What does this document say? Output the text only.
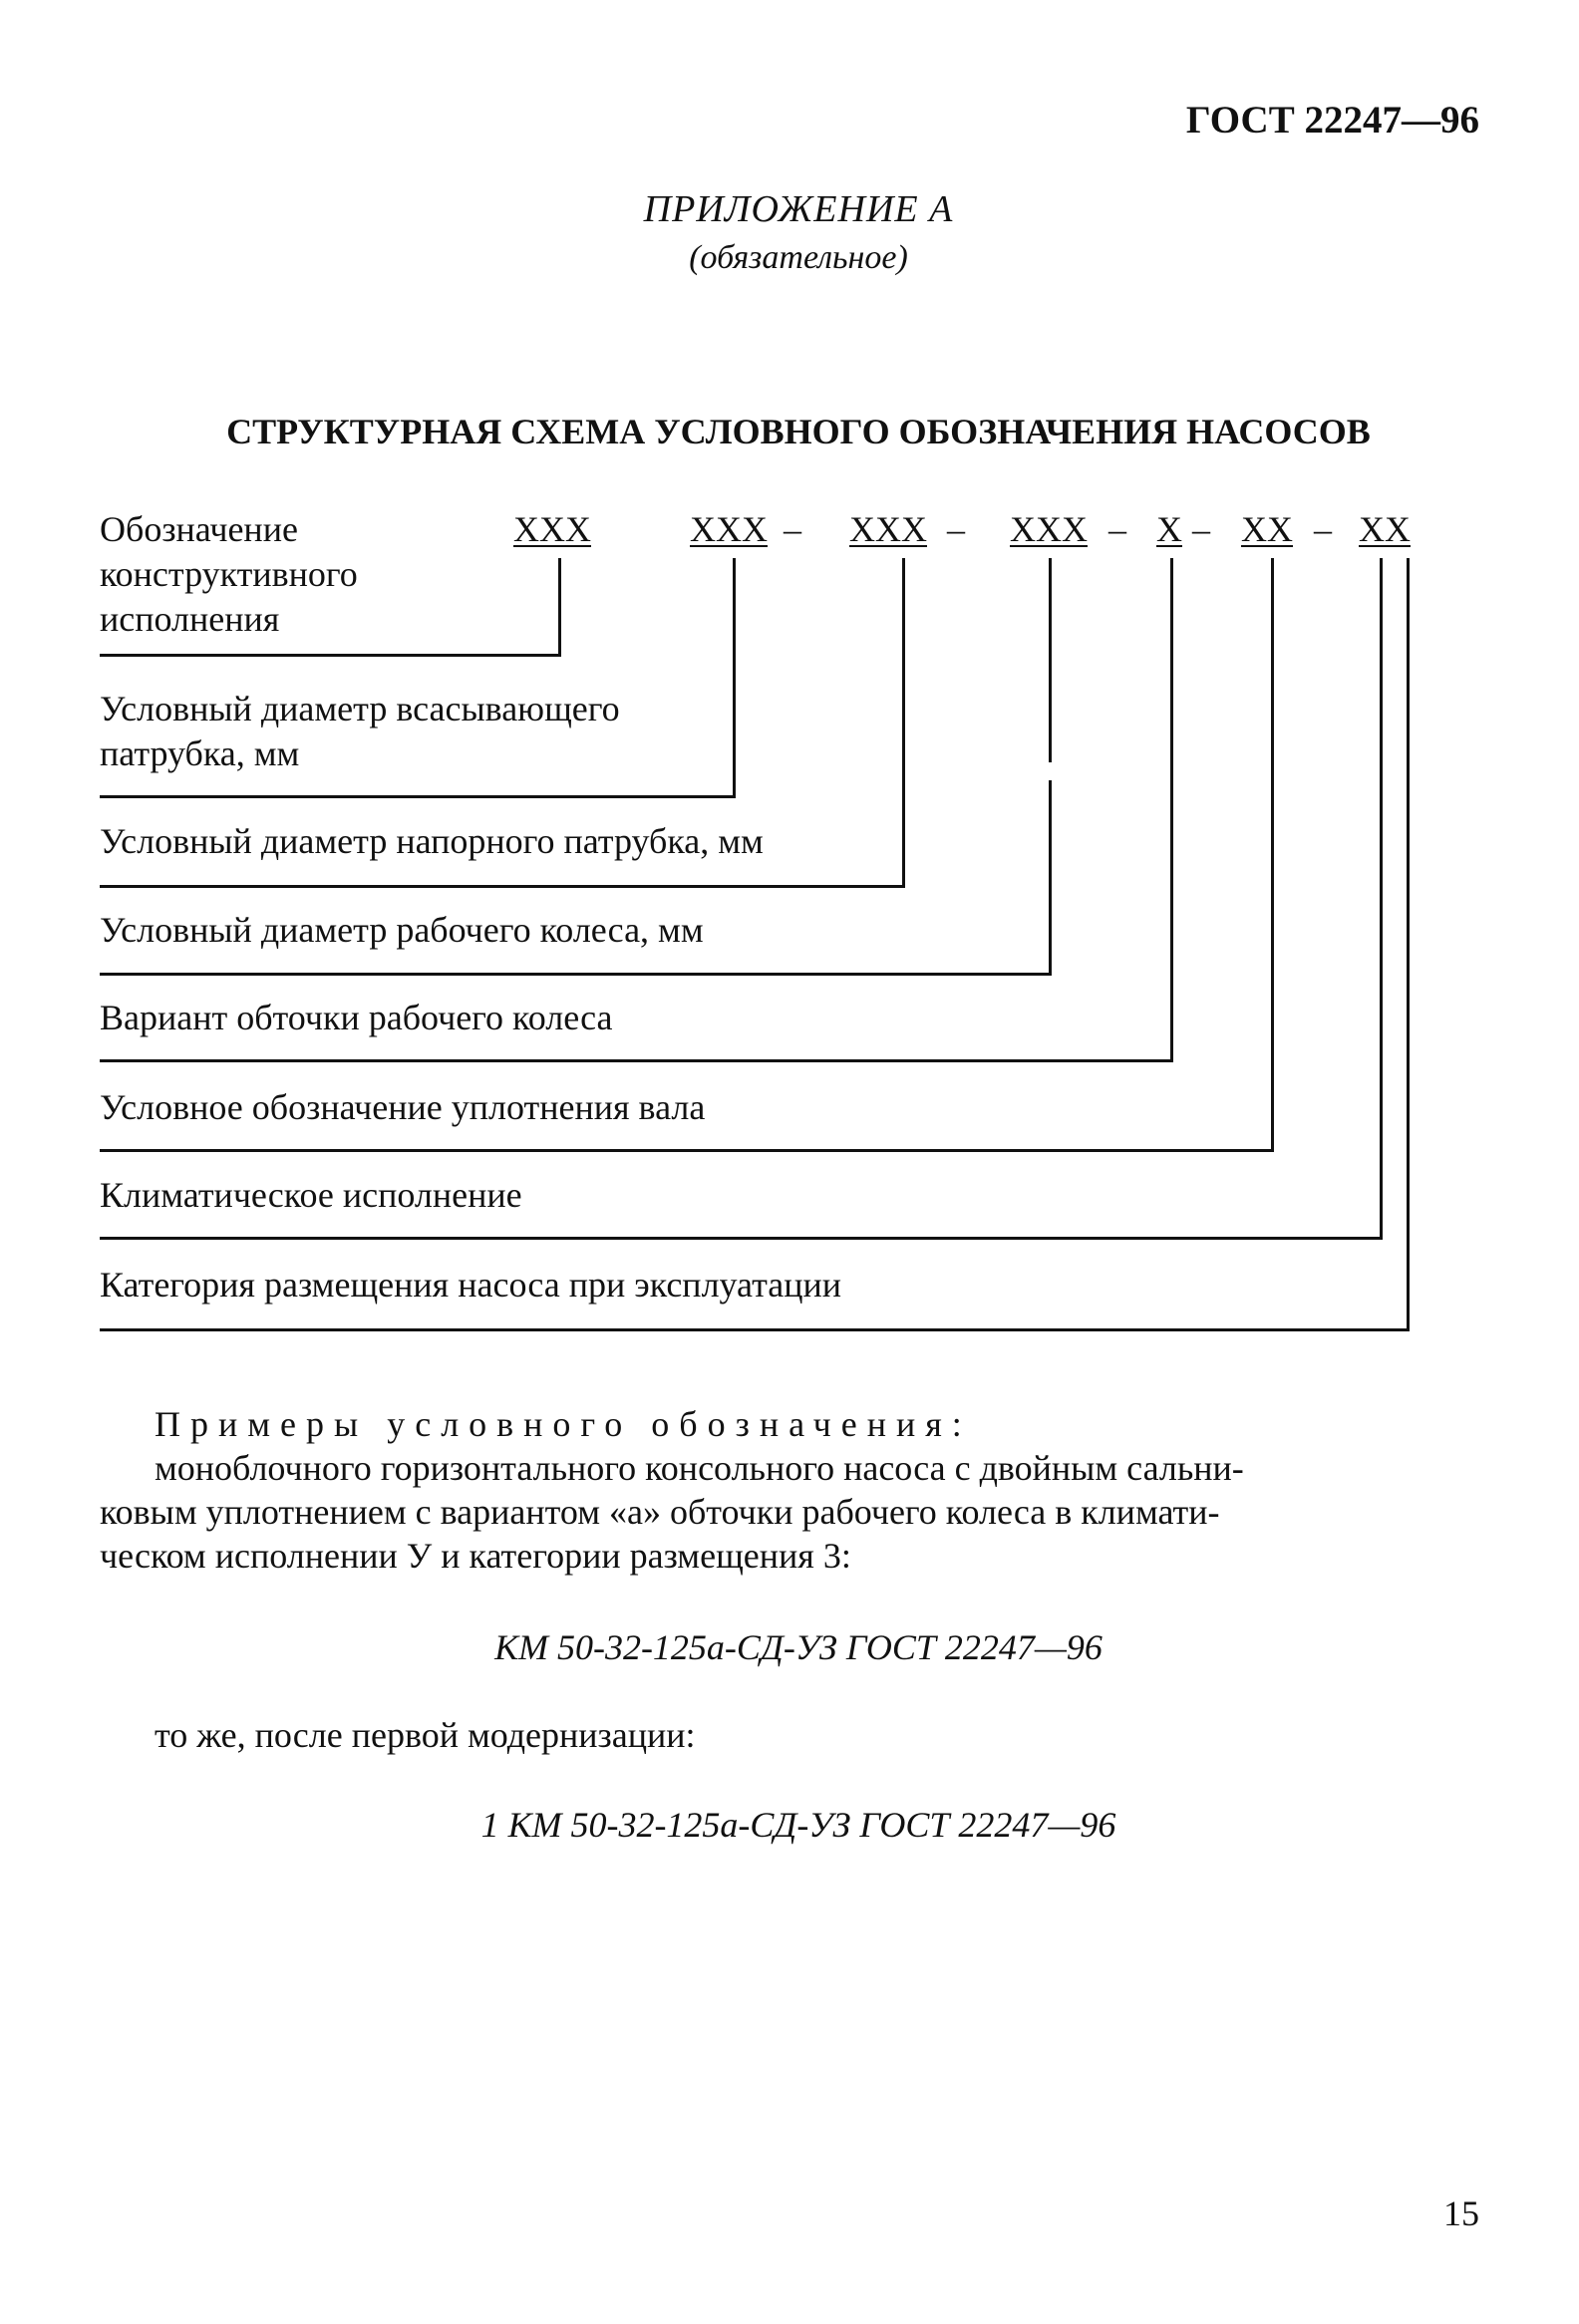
ГОСТ 22247—96
ПРИЛОЖЕНИЕ А
(обязательное)
СТРУКТУРНАЯ СХЕМА УСЛОВНОГО ОБОЗНАЧЕНИЯ НАСОСОВ
XXX	XXX – XXX – XXX – X – XX – XX
Обозначение
конструктивного
исполнения
Условный диаметр всасывающего
патрубка, мм
Условный диаметр напорного патрубка, мм
Условный диаметр рабочего колеса, мм
Вариант обточки рабочего колеса
Условное обозначение уплотнения вала
Климатическое исполнение
Категория размещения насоса при эксплуатации
Примеры условного обозначения:
моноблочного горизонтального консольного насоса с двойным сальни-
ковым уплотнением с вариантом «а» обточки рабочего колеса в климати-
ческом исполнении У и категории размещения 3:
КМ 50-32-125а-СД-УЗ ГОСТ 22247—96
то же, после первой модернизации:
1 КМ 50-32-125а-СД-УЗ ГОСТ 22247—96
15
